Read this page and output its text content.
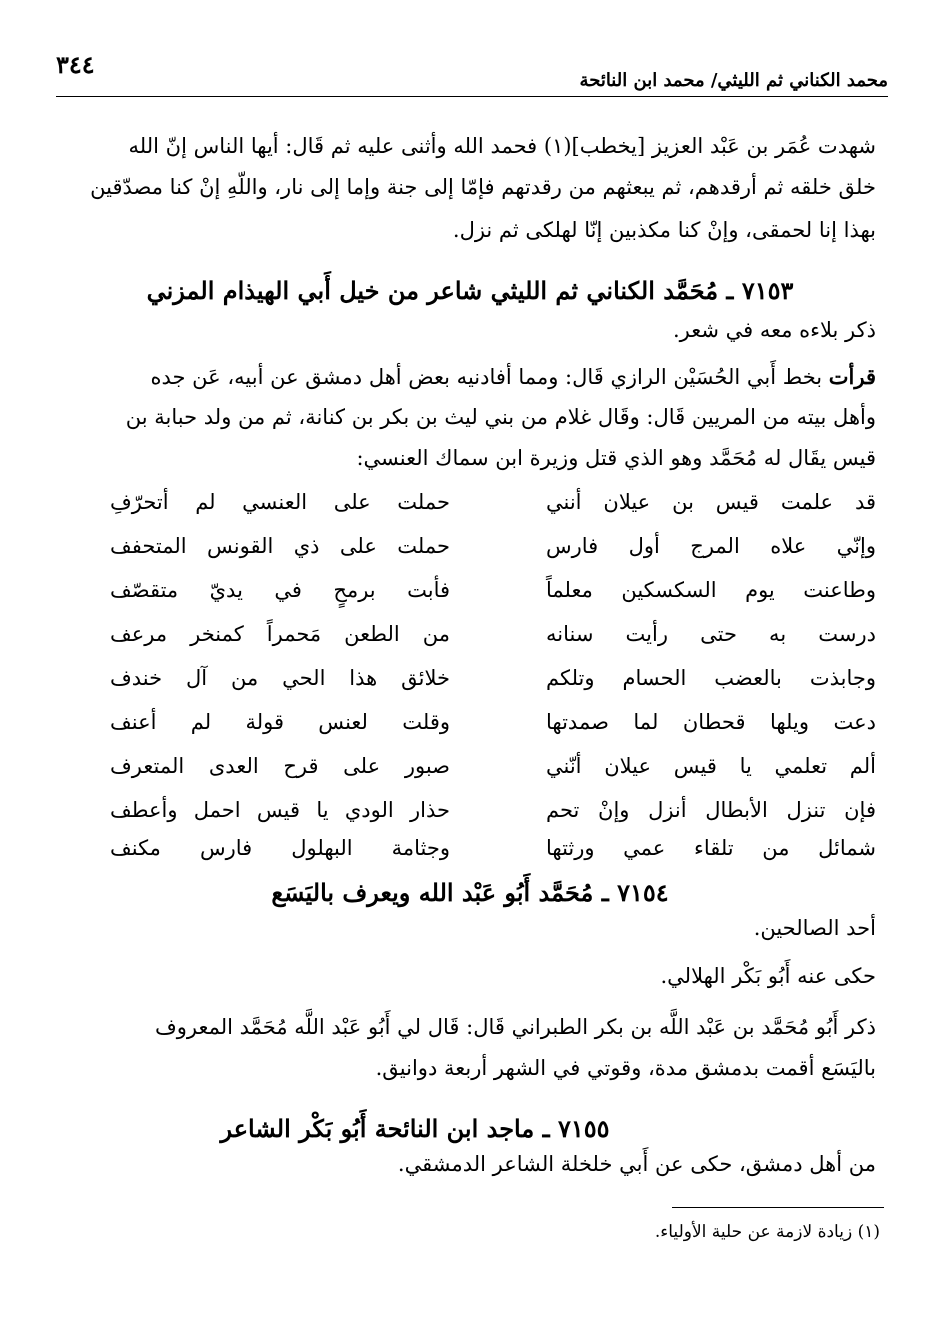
محمد الكناني ثم الليثي/ محمد ابن النائحة
٣٤٤
شهدت عُمَر بن عَبْد العزيز [يخطب](١) فحمد الله وأثنى عليه ثم قَال: أيها الناس إنّ الله
خلق خلقه ثم أرقدهم، ثم يبعثهم من رقدتهم فإمّا إلى جنة وإما إلى نار، واللّهِ إنْ كنا مصدّقين
بهذا إنا لحمقى، وإنْ كنا مكذبين إنّا لهلكى ثم نزل.
٧١٥٣ ـ مُحَمَّد الكناني ثم الليثي شاعر من خيل أَبي الهيذام المزني
ذكر بلاءه معه في شعر.
قرأت بخط أَبي الحُسَيْن الرازي قَال: ومما أفادنيه بعض أهل دمشق عن أبيه، عَن جده
وأهل بيته من المريين قَال: وقَال غلام من بني ليث بن بكر بن كنانة، ثم من ولد حبابة بن
قيس يقَال له مُحَمَّد وهو الذي قتل وزيرة ابن سماك العنسي:
قد علمت قيس بن عيلان أنني
حملت على العنسي لم أتحرّفِ
وإنّي علاه المرج أول فارس
حملت على ذي القونس المتحفف
وطاعنت يوم السكسكين معلماً
فأبت برمحٍ في يديّ متقصّف
درست به حتى رأيت سنانه
من الطعن مَحمراً كمنخر مرعف
وجابذت بالعضب الحسام وتلكم
خلائق هذا الحي من آل خندف
دعت ويلها قحطان لما صمدتها
وقلت لعنس قولة لم أعنف
ألم تعلمي يا قيس عيلان أنّني
صبور على قرح العدى المتعرف
فإن تنزل الأبطال أنزل وإنْ تحم
حذار الودي يا قيس احمل وأعطف
شمائل من تلقاء عمي ورثتها
وجثامة البهلول فارس مكنف
٧١٥٤ ـ مُحَمَّد أَبُو عَبْد الله ويعرف باليَسَع
أحد الصالحين.
حكى عنه أَبُو بَكْر الهلالي.
ذكر أَبُو مُحَمَّد بن عَبْد اللَّه بن بكر الطبراني قَال: قَال لي أَبُو عَبْد اللَّه مُحَمَّد المعروف
باليَسَع أقمت بدمشق مدة، وقوتي في الشهر أربعة دوانيق.
٧١٥٥ ـ ماجد ابن النائحة أَبُو بَكْر الشاعر
من أهل دمشق، حكى عن أَبي خلخلة الشاعر الدمشقي.
(١) زيادة لازمة عن حلية الأولياء.
